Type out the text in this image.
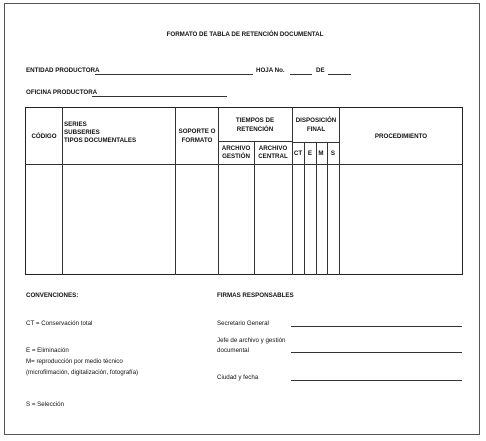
FORMATO DE TABLA DE RETENCIÓN DOCUMENTAL
ENTIDAD PRODUCTORA	HOJA No.	DE
OFICINA PRODUCTORA
CÓDIGO
SERIES
SUBSERIES
TIPOS DOCUMENTALES
SOPORTE O
FORMATO
TIEMPOS DE
RETENCIÓN
ARCHIVO
GESTIÓN
ARCHIVO
CENTRAL
DISPOSICIÓN
FINAL
CT E M S
PROCEDIMIENTO
CONVENCIONES:
CT = Conservación total
E = Eliminación
M= reproducción por medio técnico
(microfilmación, digitalización, fotografía)
S = Selección
FIRMAS RESPONSABLES
Secretario General
Jefe de archivo y gestión
documental
Ciudad y fecha
